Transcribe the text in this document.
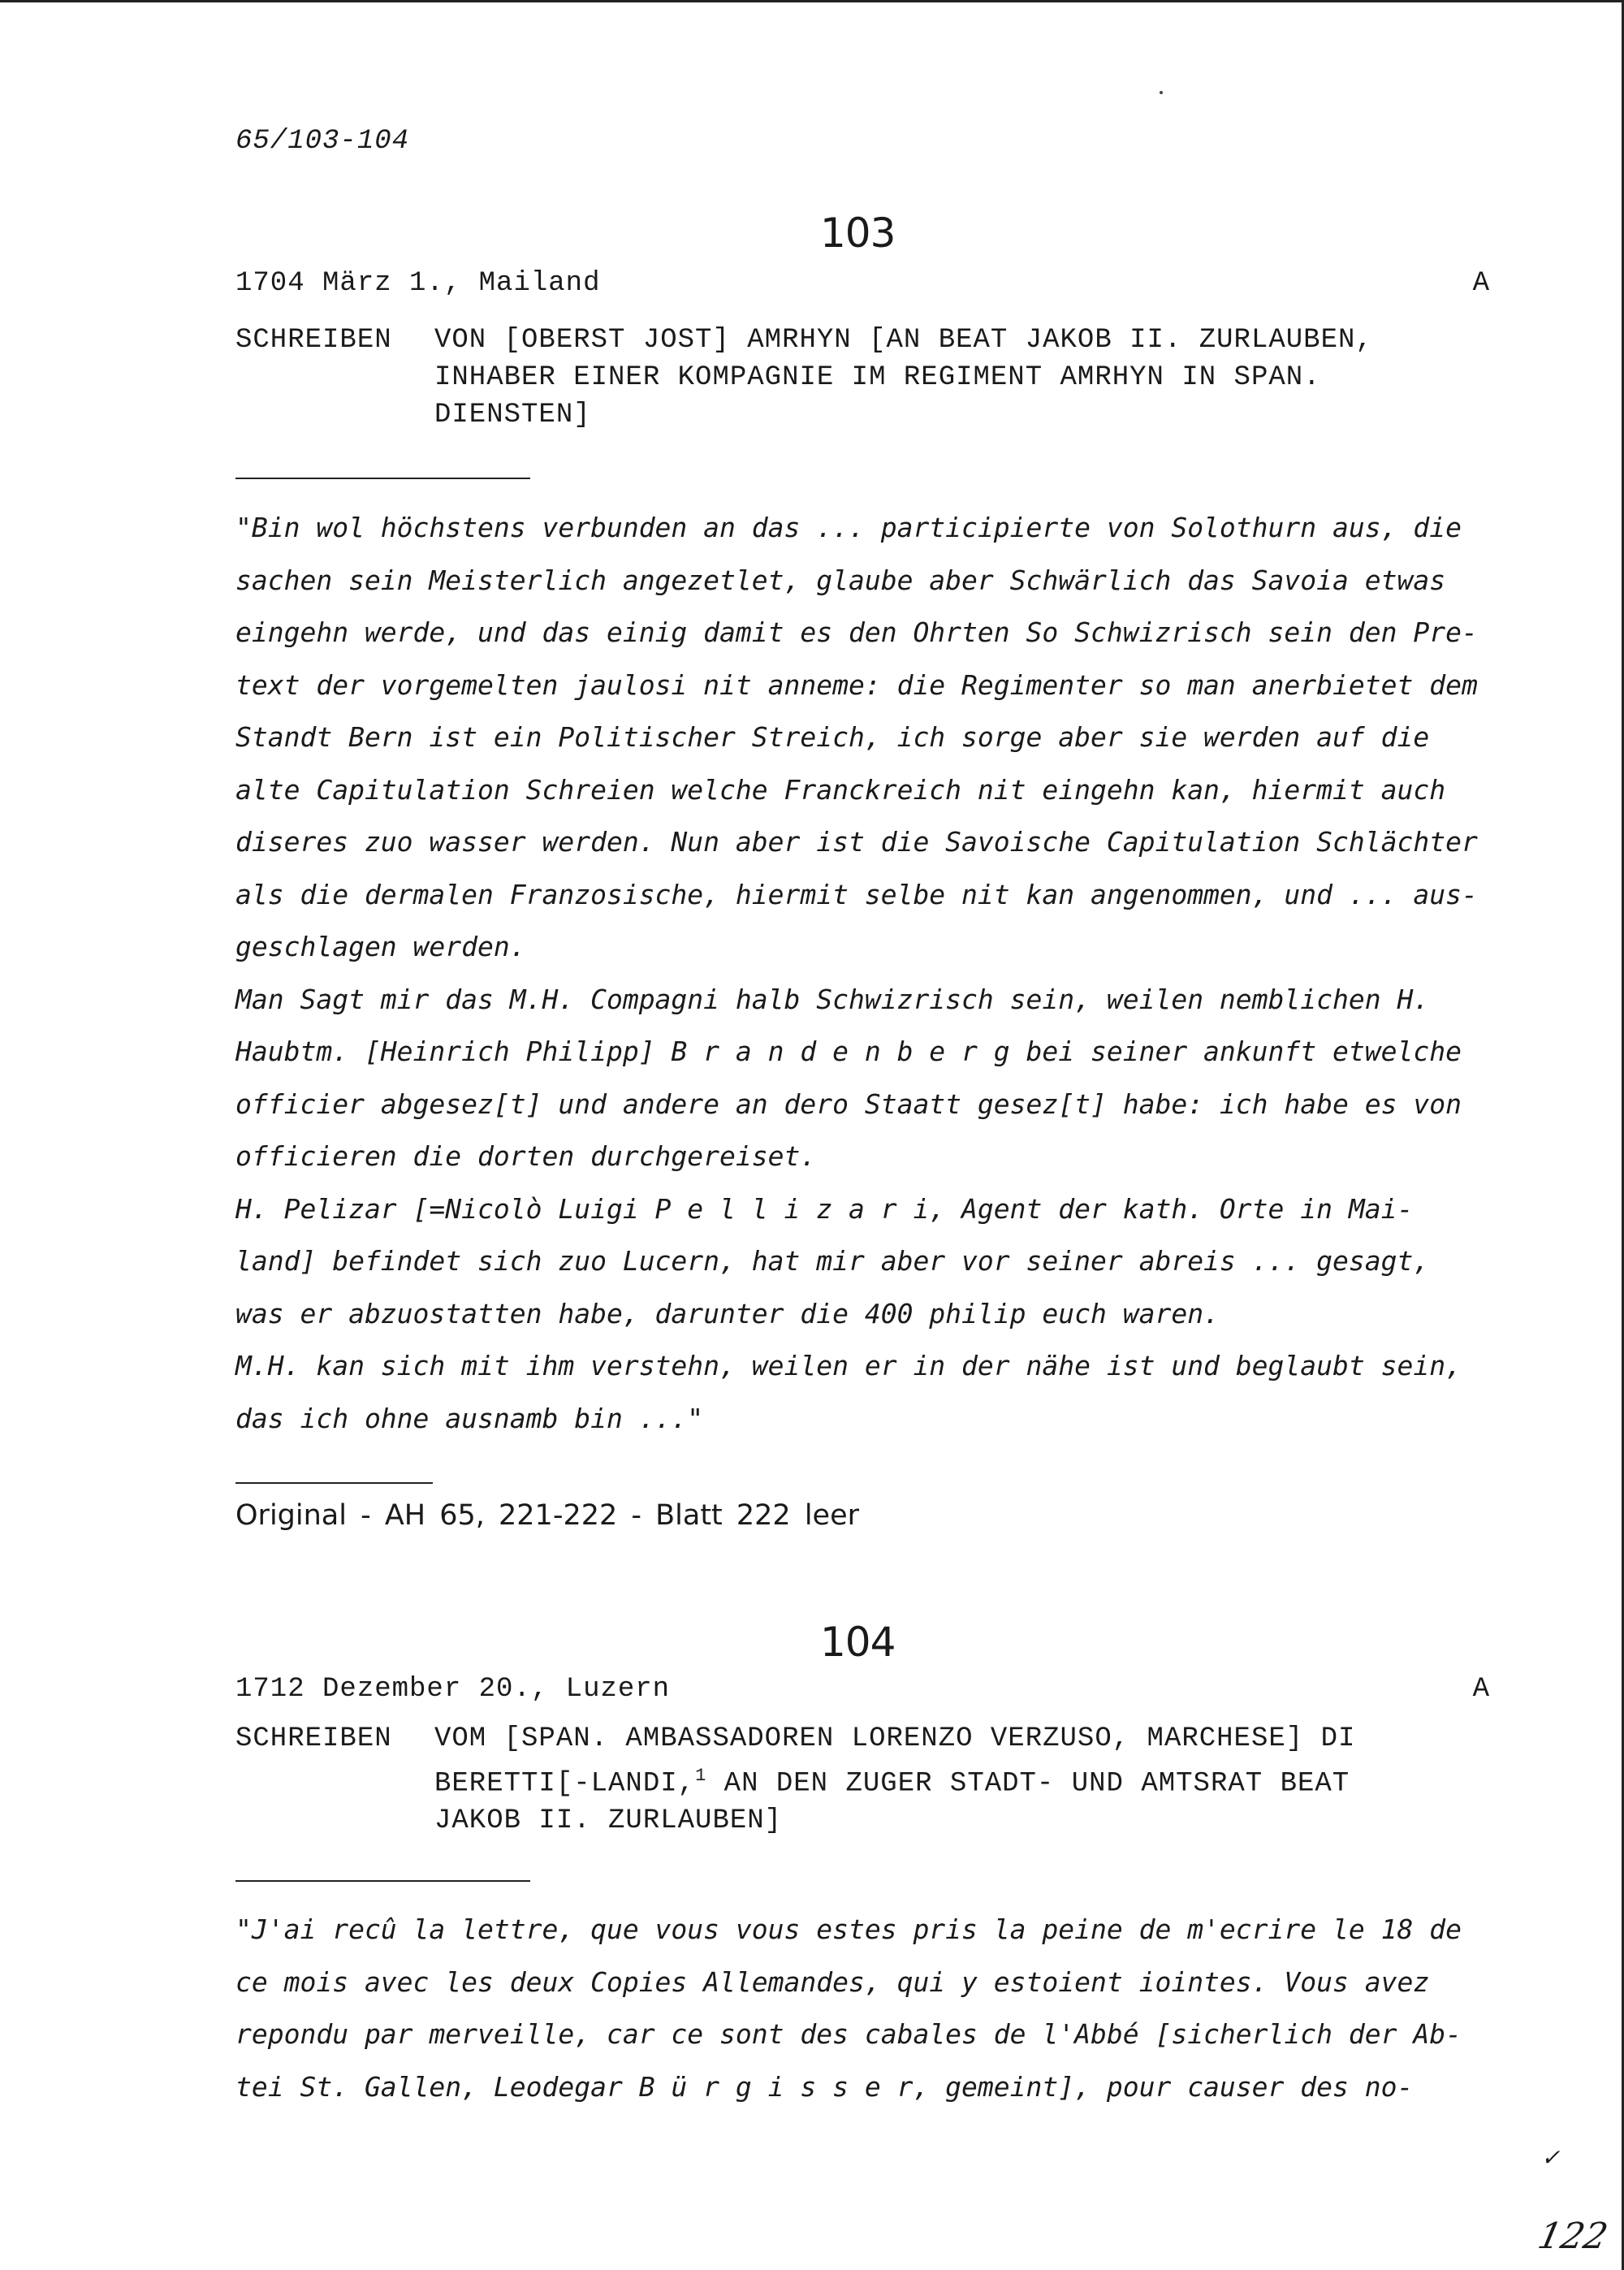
65/103-104
103
1704 März 1., Mailand	A
SCHREIBEN VON [OBERST JOST] AMRHYN [AN BEAT JAKOB II. ZURLAUBEN,
INHABER EINER KOMPAGNIE IM REGIMENT AMRHYN IN SPAN.
DIENSTEN]

"Bin wol höchstens verbunden an das ... participierte von Solothurn aus, die

sachen sein Meisterlich angezetlet, glaube aber Schwärlich das Savoia etwas

eingehn werde, und das einig damit es den Ohrten So Schwizrisch sein den Pre-

text der vorgemelten jaulosi nit anneme: die Regimenter so man anerbietet dem

Standt Bern ist ein Politischer Streich, ich sorge aber sie werden auf die

alte Capitulation Schreien welche Franckreich nit eingehn kan, hiermit auch

diseres zuo wasser werden. Nun aber ist die Savoische Capitulation Schlächter

als die dermalen Franzosische, hiermit selbe nit kan angenommen, und ... aus-

geschlagen werden.

Man Sagt mir das M.H. Compagni halb Schwizrisch sein, weilen nemblichen H.

Haubtm. [Heinrich Philipp] B r a n d e n b e r g bei seiner ankunft etwelche

officier abgesez[t] und andere an dero Staatt gesez[t] habe: ich habe es von

officieren die dorten durchgereiset.

H. Pelizar [=Nicolò Luigi P e l l i z a r i, Agent der kath. Orte in Mai-

land] befindet sich zuo Lucern, hat mir aber vor seiner abreis ... gesagt,

was er abzuostatten habe, darunter die 400 philip euch waren.

M.H. kan sich mit ihm verstehn, weilen er in der nähe ist und beglaubt sein,

das ich ohne ausnamb bin ..."

Original - AH 65, 221-222 - Blatt 222 leer
104
1712 Dezember 20., Luzern	A
SCHREIBEN VOM [SPAN. AMBASSADOREN LORENZO VERZUSO, MARCHESE] DI
BERETTI[-LANDI,$^1$ AN DEN ZUGER STADT- UND AMTSRAT BEAT
JAKOB II. ZURLAUBEN]

"J'ai recû la lettre, que vous vous estes pris la peine de m'ecrire le 18 de

ce mois avec les deux Copies Allemandes, qui y estoient iointes. Vous avez

repondu par merveille, car ce sont des cabales de l'Abbé [sicherlich der Ab-

tei St. Gallen, Leodegar B ü r g i s s e r, gemeint], pour causer des no-

✓
122
